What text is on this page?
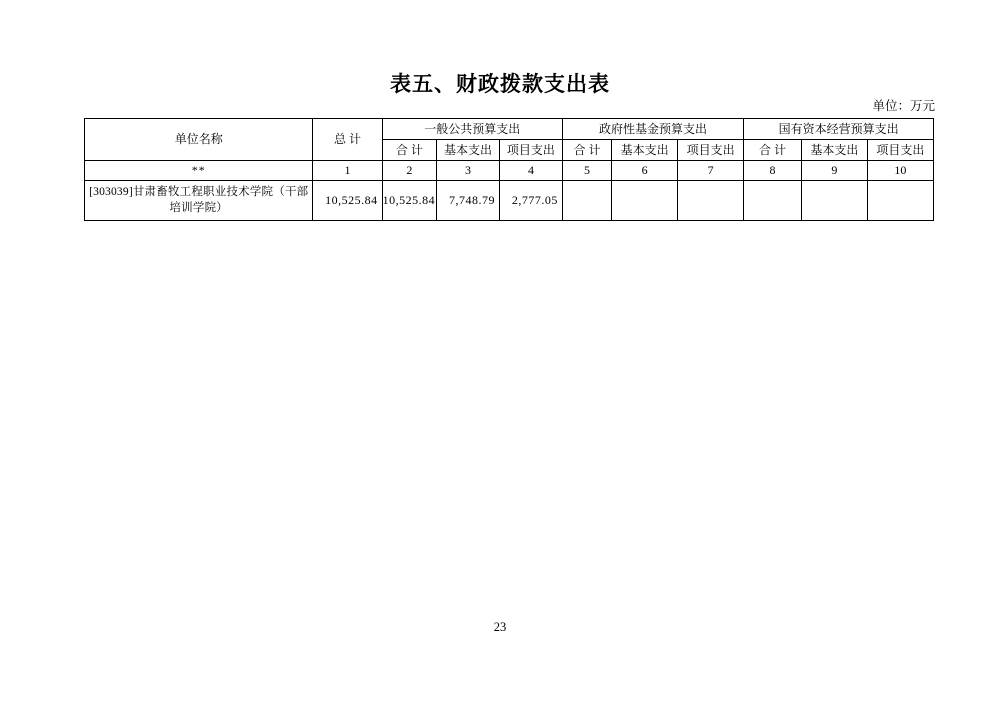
表五、财政拨款支出表
单位：万元
单位名称	总 计	一般公共预算支出			政府性基金预算支出			国有资本经营预算支出		
		合 计	基本支出	项目支出	合 计	基本支出	项目支出	合 计	基本支出	项目支出
**	1	2	3	4	5	6	7	8	9	10
[303039]甘肃畜牧工程职业技术学院（干部培训学院）	10,525.84	10,525.84	7,748.79	2,777.05						
23
